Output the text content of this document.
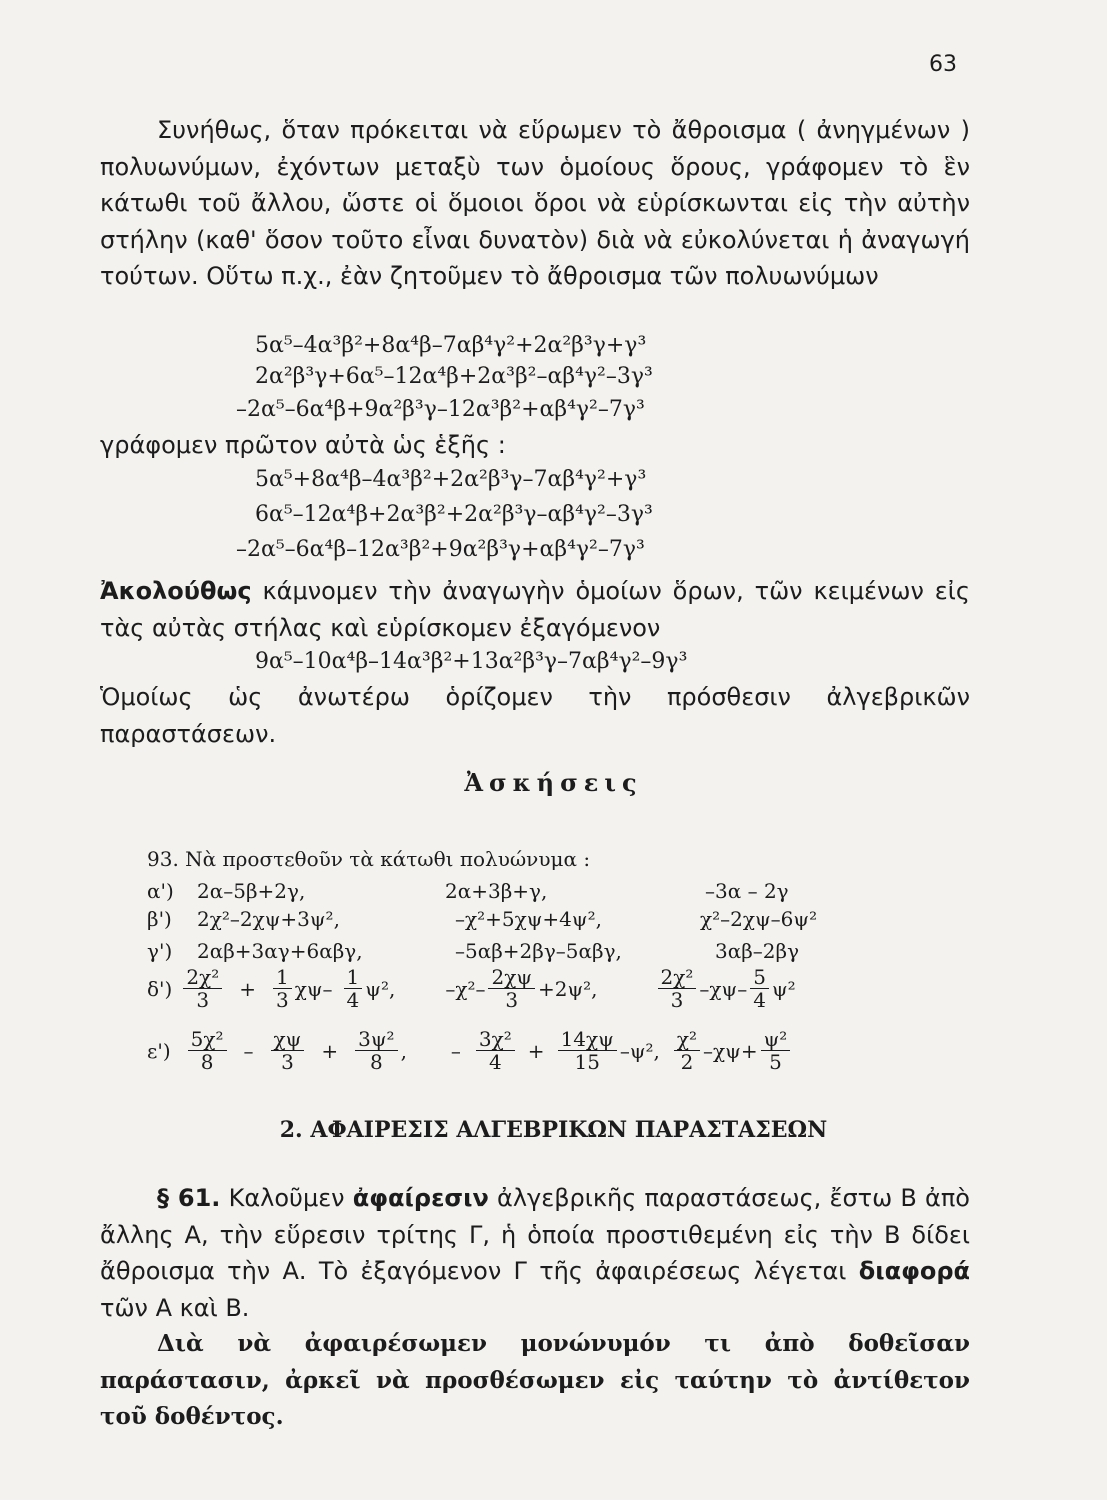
63
Συνήθως, ὅταν πρόκειται νὰ εὕρωμεν τὸ ἄθροισμα ( ἀνηγμένων ) πολυωνύμων, ἐχόντων μεταξὺ των ὁμοίους ὅρους, γράφομεν τὸ ἓν κάτωθι τοῦ ἄλλου, ὥστε οἱ ὅμοιοι ὅροι νὰ εὑρίσκωνται εἰς τὴν αὐτὴν στήλην (καθ' ὅσον τοῦτο εἶναι δυνατὸν) διὰ νὰ εὐκολύνεται ἡ ἀναγωγή τούτων. Οὕτω π.χ., ἐὰν ζητοῦμεν τὸ ἄθροισμα τῶν πολυωνύμων
5α⁵–4α³β²+8α⁴β–7αβ⁴γ²+2α²β³γ+γ³
2α²β³γ+6α⁵–12α⁴β+2α³β²–αβ⁴γ²–3γ³
–2α⁵–6α⁴β+9α²β³γ–12α³β²+αβ⁴γ²–7γ³
γράφομεν πρῶτον αὐτὰ ὡς ἑξῆς :
5α⁵+8α⁴β–4α³β²+2α²β³γ–7αβ⁴γ²+γ³
6α⁵–12α⁴β+2α³β²+2α²β³γ–αβ⁴γ²–3γ³
–2α⁵–6α⁴β–12α³β²+9α²β³γ+αβ⁴γ²–7γ³
Ἀκολούθως κάμνομεν τὴν ἀναγωγὴν ὁμοίων ὅρων, τῶν κειμένων εἰς τὰς αὐτὰς στήλας καὶ εὑρίσκομεν ἐξαγόμενον
9α⁵–10α⁴β–14α³β²+13α²β³γ–7αβ⁴γ²–9γ³
Ὁμοίως ὡς ἀνωτέρω ὁρίζομεν τὴν πρόσθεσιν ἀλγεβρικῶν παραστάσεων.
Ἀσκήσεις
93. Νὰ προστεθοῦν τὰ κάτωθι πολυώνυμα :
α') 2α–5β+2γ,	2α+3β+γ,	–3α – 2γ
β') 2χ²–2χψ+3ψ²,	–χ²+5χψ+4ψ²,	χ²–2χψ–6ψ²
γ') 2αβ+3αγ+6αβγ,	–5αβ+2βγ–5αβγ,	3αβ–2βγ
$\delta') \frac{\text{2χ²}}{3} + \frac{1}{3} \chi\psi- \frac{1}{4} \psi^2$,	$-\chi^2- \frac{2\chi\psi}{3} +2\psi^2$,	$\frac{\text{2χ²}}{3} -\chi\psi- \frac{5}{4} \psi^2$
$\varepsilon') \frac{\text{5χ²}}{8} - \frac{\chi\psi}{3} + \frac{\text{3ψ²}}{8}$ , – $\frac{\text{3χ²}}{4} + \frac{14\chi\psi}{15} -\psi^2$, $\frac{\text{χ²}}{2} -\chi\psi+ \frac{\text{ψ²}}{5}$
2. ΑΦΑΙΡΕΣΙΣ ΑΛΓΕΒΡΙΚΩΝ ΠΑΡΑΣΤΑΣΕΩΝ
§ 61. Καλοῦμεν ἀφαίρεσιν ἀλγεβρικῆς παραστάσεως, ἔστω Β ἀπὸ ἄλλης Α, τὴν εὕρεσιν τρίτης Γ, ἡ ὁποία προστιθεμένη εἰς τὴν Β δίδει ἄθροισμα τὴν Α. Τὸ ἐξαγόμενον Γ τῆς ἀφαιρέσεως λέγεται διαφορά τῶν Α καὶ Β.
Διὰ νὰ ἀφαιρέσωμεν μονώνυμόν τι ἀπὸ δοθεῖσαν παράστασιν, ἀρκεῖ νὰ προσθέσωμεν εἰς ταύτην τὸ ἀντίθετον τοῦ δοθέντος.
